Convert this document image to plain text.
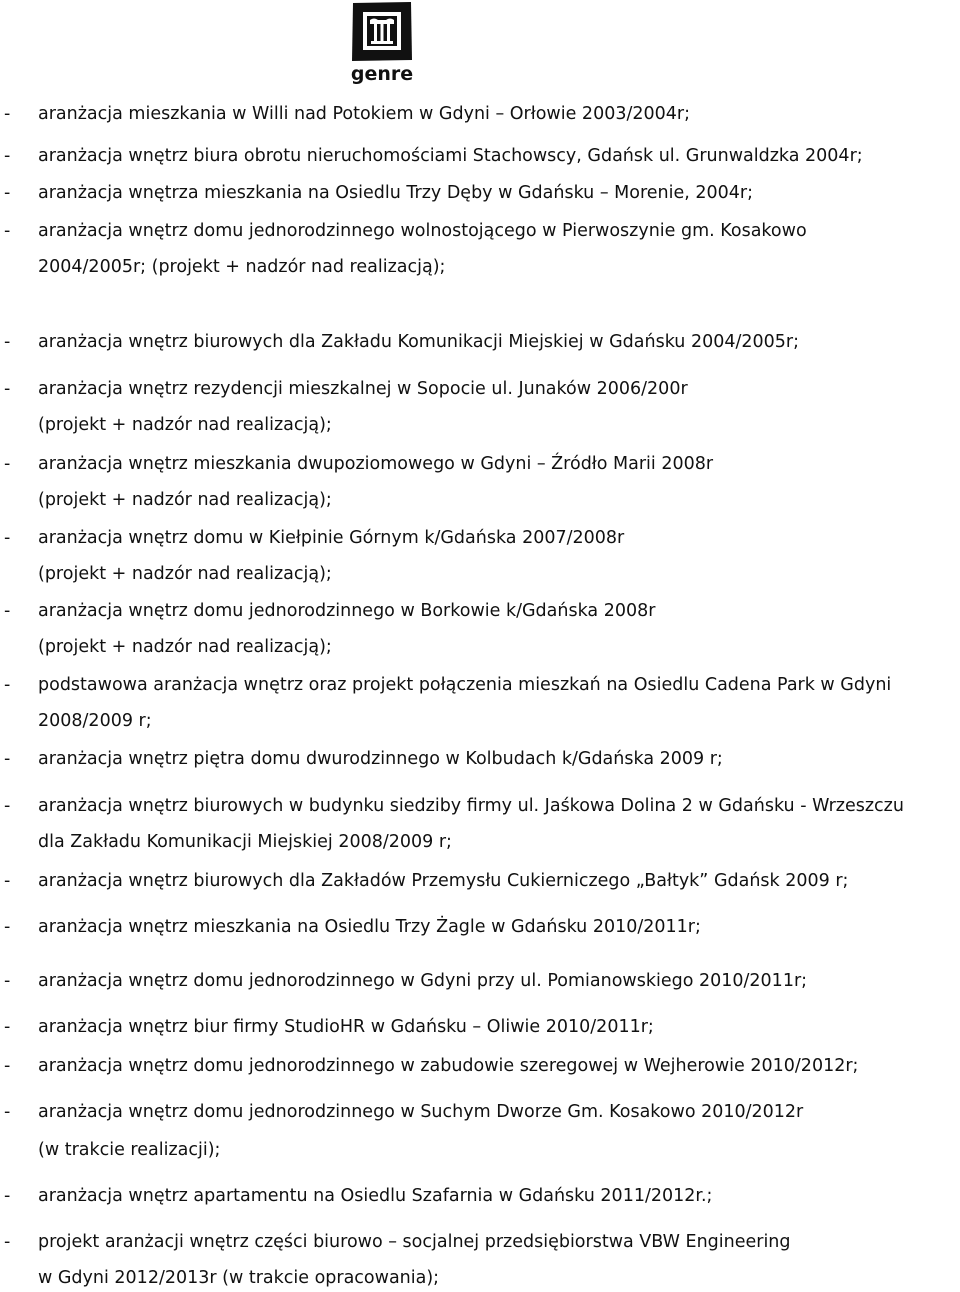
genre
- aranżacja mieszkania w Willi nad Potokiem w Gdyni – Orłowie 2003/2004r;
- aranżacja wnętrz biura obrotu nieruchomościami Stachowscy, Gdańsk ul. Grunwaldzka 2004r;
- aranżacja wnętrza mieszkania na Osiedlu Trzy Dęby w Gdańsku – Morenie, 2004r;
- aranżacja wnętrz domu jednorodzinnego wolnostojącego w Pierwoszynie gm. Kosakowo
2004/2005r; (projekt + nadzór nad realizacją);
- aranżacja wnętrz biurowych dla Zakładu Komunikacji Miejskiej w Gdańsku 2004/2005r;
- aranżacja wnętrz rezydencji mieszkalnej w Sopocie ul. Junaków 2006/200r
(projekt + nadzór nad realizacją);
- aranżacja wnętrz mieszkania dwupoziomowego w Gdyni – Źródło Marii 2008r
(projekt + nadzór nad realizacją);
- aranżacja wnętrz domu w Kiełpinie Górnym k/Gdańska 2007/2008r
(projekt + nadzór nad realizacją);
- aranżacja wnętrz domu jednorodzinnego w Borkowie k/Gdańska 2008r
(projekt + nadzór nad realizacją);
- podstawowa aranżacja wnętrz oraz projekt połączenia mieszkań na Osiedlu Cadena Park w Gdyni
2008/2009 r;
- aranżacja wnętrz piętra domu dwurodzinnego w Kolbudach k/Gdańska 2009 r;
- aranżacja wnętrz biurowych w budynku siedziby firmy ul. Jaśkowa Dolina 2 w Gdańsku - Wrzeszczu
dla Zakładu Komunikacji Miejskiej 2008/2009 r;
- aranżacja wnętrz biurowych dla Zakładów Przemysłu Cukierniczego „Bałtyk” Gdańsk 2009 r;
- aranżacja wnętrz mieszkania na Osiedlu Trzy Żagle w Gdańsku 2010/2011r;
- aranżacja wnętrz domu jednorodzinnego w Gdyni przy ul. Pomianowskiego 2010/2011r;
- aranżacja wnętrz biur firmy StudioHR w Gdańsku – Oliwie 2010/2011r;
- aranżacja wnętrz domu jednorodzinnego w zabudowie szeregowej w Wejherowie 2010/2012r;
- aranżacja wnętrz domu jednorodzinnego w Suchym Dworze Gm. Kosakowo 2010/2012r
(w trakcie realizacji);
- aranżacja wnętrz apartamentu na Osiedlu Szafarnia w Gdańsku 2011/2012r.;
- projekt aranżacji wnętrz części biurowo – socjalnej przedsiębiorstwa VBW Engineering
w Gdyni 2012/2013r (w trakcie opracowania);
